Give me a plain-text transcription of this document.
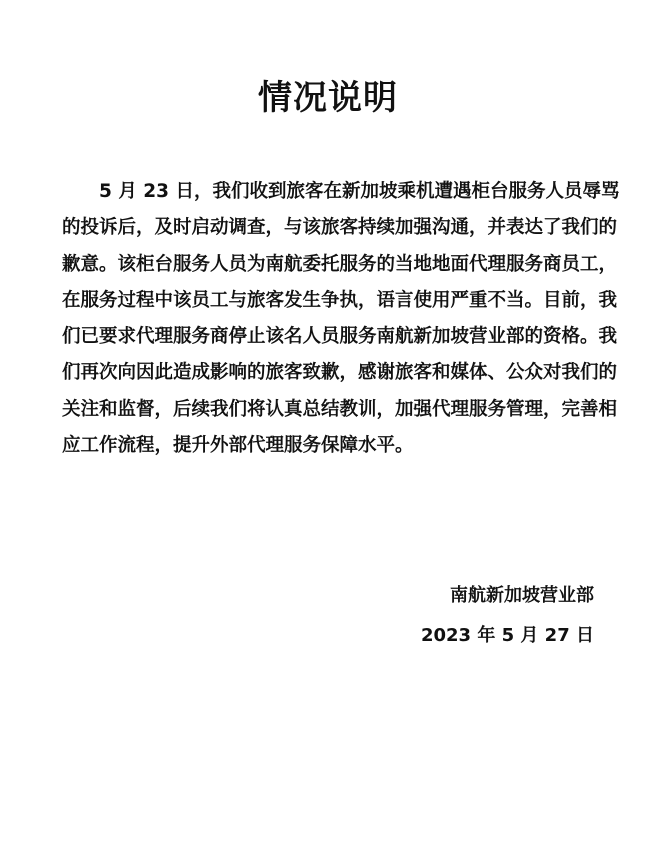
情况说明
5 月 23 日，我们收到旅客在新加坡乘机遭遇柜台服务人员辱骂
的投诉后，及时启动调查，与该旅客持续加强沟通，并表达了我们的
歉意。该柜台服务人员为南航委托服务的当地地面代理服务商员工，
在服务过程中该员工与旅客发生争执，语言使用严重不当。目前，我
们已要求代理服务商停止该名人员服务南航新加坡营业部的资格。我
们再次向因此造成影响的旅客致歉，感谢旅客和媒体、公众对我们的
关注和监督，后续我们将认真总结教训，加强代理服务管理，完善相
应工作流程，提升外部代理服务保障水平。
南航新加坡营业部
2023 年 5 月 27 日
